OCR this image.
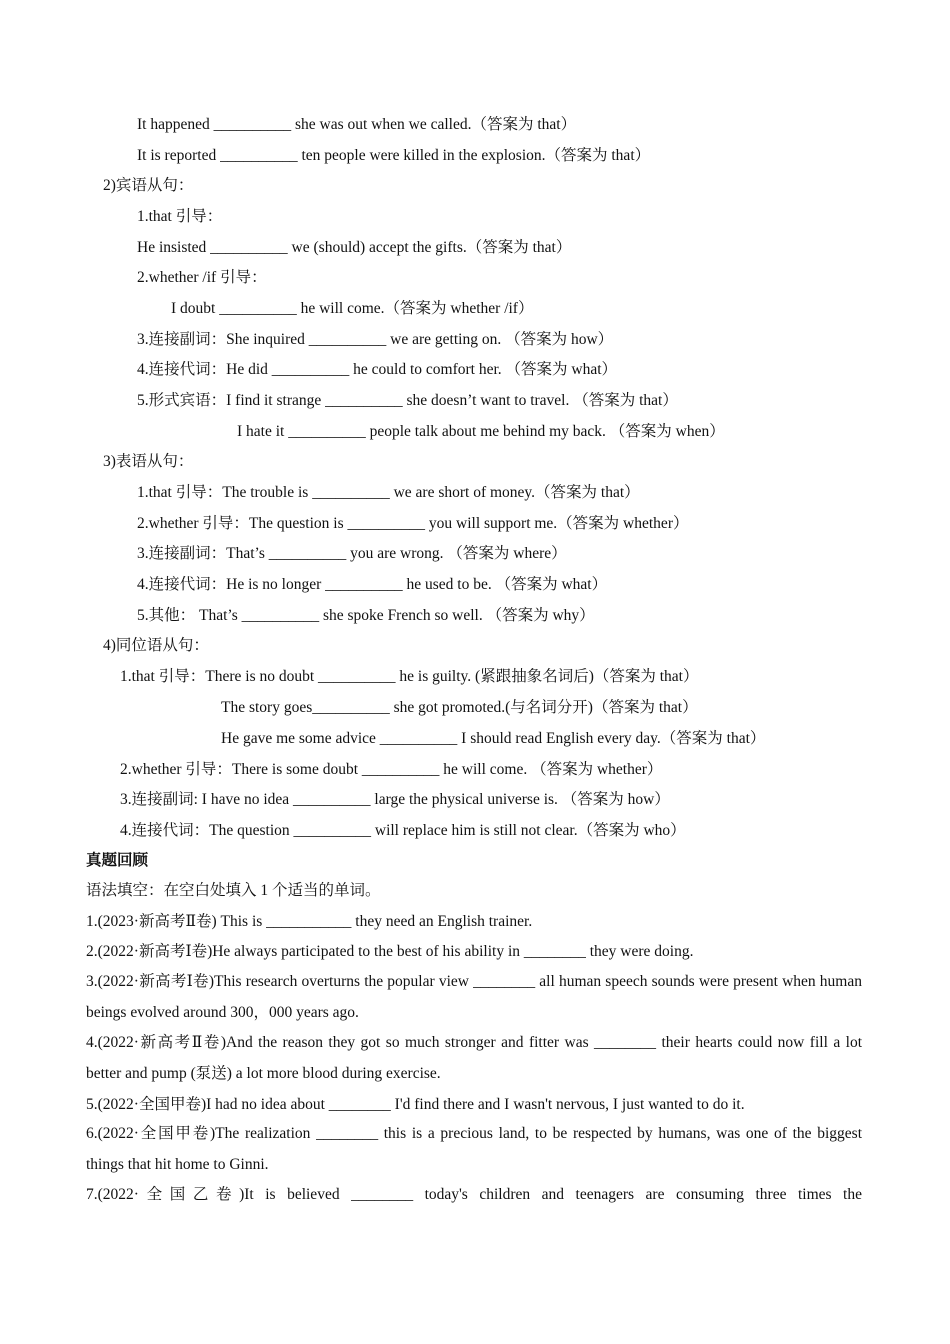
It happened __________ she was out when we called.（答案为 that）
It is reported __________ ten people were killed in the explosion.（答案为 that）
2)宾语从句：
1.that 引导：
He insisted __________ we (should) accept the gifts.（答案为 that）
2.whether /if 引导：
I doubt __________ he will come.（答案为 whether /if）
3.连接副词：She inquired __________ we are getting on. （答案为 how）
4.连接代词：He did __________ he could to comfort her. （答案为 what）
5.形式宾语：I find it strange __________ she doesn’t want to travel. （答案为 that）
I hate it __________ people talk about me behind my back. （答案为 when）
3)表语从句：
1.that 引导：The trouble is __________ we are short of money.（答案为 that）
2.whether 引导：The question is __________ you will support me.（答案为 whether）
3.连接副词：That’s __________ you are wrong. （答案为 where）
4.连接代词：He is no longer __________ he used to be. （答案为 what）
5.其他： That’s __________ she spoke French so well. （答案为 why）
4)同位语从句：
1.that 引导：There is no doubt __________ he is guilty. (紧跟抽象名词后)（答案为 that）
The story goes__________ she got promoted.(与名词分开)（答案为 that）
He gave me some advice __________ I should read English every day.（答案为 that）
2.whether 引导：There is some doubt __________ he will come. （答案为 whether）
3.连接副词: I have no idea __________ large the physical universe is. （答案为 how）
4.连接代词：The question __________ will replace him is still not clear.（答案为 who）
真题回顾
语法填空：在空白处填入 1 个适当的单词。
1.(2023·新高考Ⅱ卷) This is ___________ they need an English trainer.
2.(2022·新高考Ⅰ卷)He always participated to the best of his ability in ________ they were doing.
3.(2022·新高考Ⅰ卷)This research overturns the popular view ________ all human speech sounds were present when human beings evolved around 300，000 years ago.
4.(2022·新高考Ⅱ卷)And the reason they got so much stronger and fitter was ________ their hearts could now fill a lot better and pump (泵送) a lot more blood during exercise.
5.(2022·全国甲卷)I had no idea about ________ I'd find there and I wasn't nervous, I just wanted to do it.
6.(2022·全国甲卷)The realization ________ this is a precious land, to be respected by humans, was one of the biggest things that hit home to Ginni.
7.(2022·全国乙卷)It is believed ________ today's children and teenagers are consuming three times the
